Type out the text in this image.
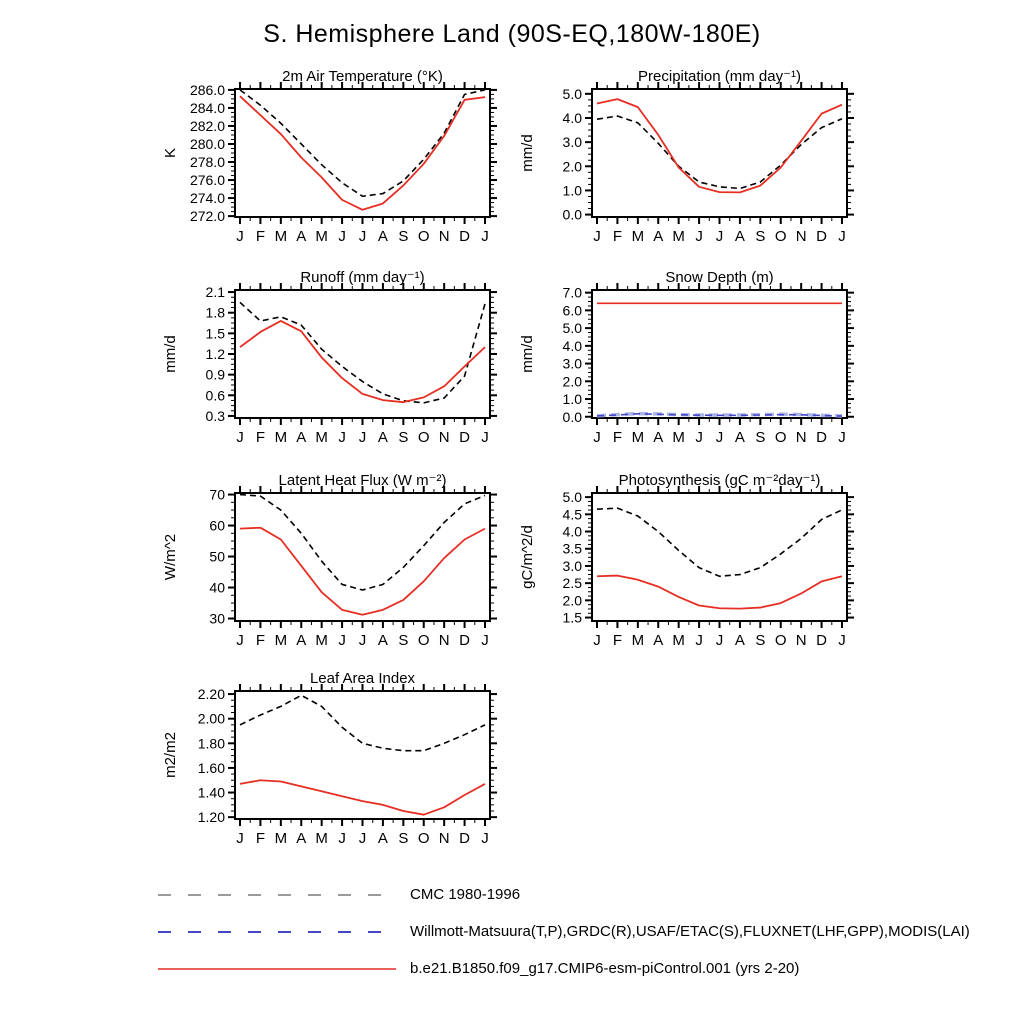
S. Hemisphere Land (90S-EQ,180W-180E)
272.0
274.0
276.0
278.0
280.0
282.0
284.0
286.0
J F M A M J J A S O N D J
2m Air Temperature (°K)
K
0.0
1.0
2.0
3.0
4.0
5.0
J F M A M J J A S O N D J
Precipitation (mm day⁻¹)
mm/d
0.3
0.6
0.9
1.2
1.5
1.8
2.1
J F M A M J J A S O N D J
Runoff (mm day⁻¹)
mm/d
0.0
1.0
2.0
3.0
4.0
5.0
6.0
7.0
J F M A M J J A S O N D J
Snow Depth (m)
mm/d
30
40
50
60
70
J F M A M J J A S O N D J
Latent Heat Flux (W m⁻²)
W/m^2
1.5
2.0
2.5
3.0
3.5
4.0
4.5
5.0
J F M A M J J A S O N D J
Photosynthesis (gC m⁻²day⁻¹)
gC/m^2/d
1.20
1.40
1.60
1.80
2.00
2.20
J F M A M J J A S O N D J
Leaf Area Index
m2/m2
CMC 1980-1996
Willmott-Matsuura(T,P),GRDC(R),USAF/ETAC(S),FLUXNET(LHF,GPP),MODIS(LAI)
b.e21.B1850.f09_g17.CMIP6-esm-piControl.001 (yrs 2-20)
